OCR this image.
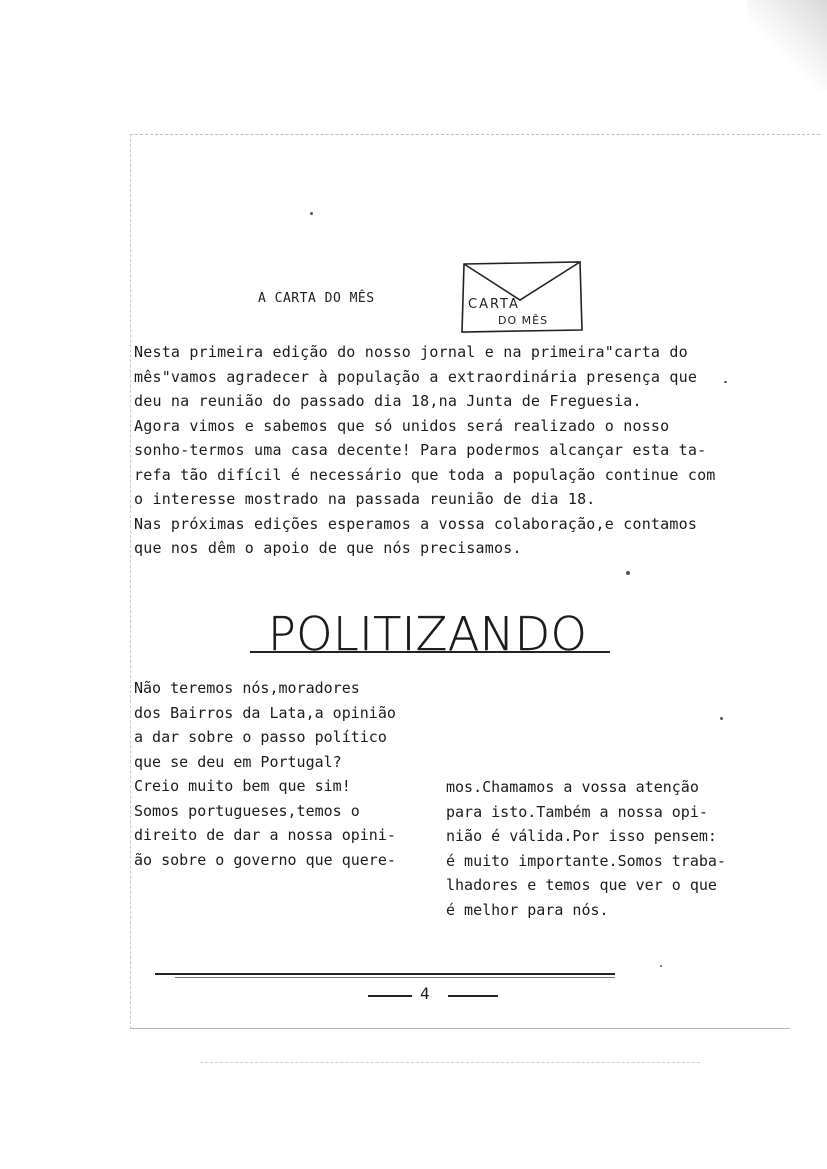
A CARTA DO MÊS	CARTA
DO MÊS
Nesta primeira edição do nosso jornal e na primeira"carta do
mês"vamos agradecer à população a extraordinária presença que
deu na reunião do passado dia 18,na Junta de Freguesia.
Agora vimos e sabemos que só unidos será realizado o nosso
sonho-termos uma casa decente! Para podermos alcançar esta ta-
refa tão difícil é necessário que toda a população continue com
o interesse mostrado na passada reunião de dia 18.
Nas próximas edições esperamos a vossa colaboração,e contamos
que nos dêm o apoio de que nós precisamos.
POLITIZANDO
Não teremos nós,moradores
dos Bairros da Lata,a opinião
a dar sobre o passo político
que se deu em Portugal?
Creio muito bem que sim!
Somos portugueses,temos o
direito de dar a nossa opini-
ão sobre o governo que quere-
mos.Chamamos a vossa atenção
para isto.Também a nossa opi-
nião é válida.Por isso pensem:
é muito importante.Somos traba-
lhadores e temos que ver o que
é melhor para nós.
4
